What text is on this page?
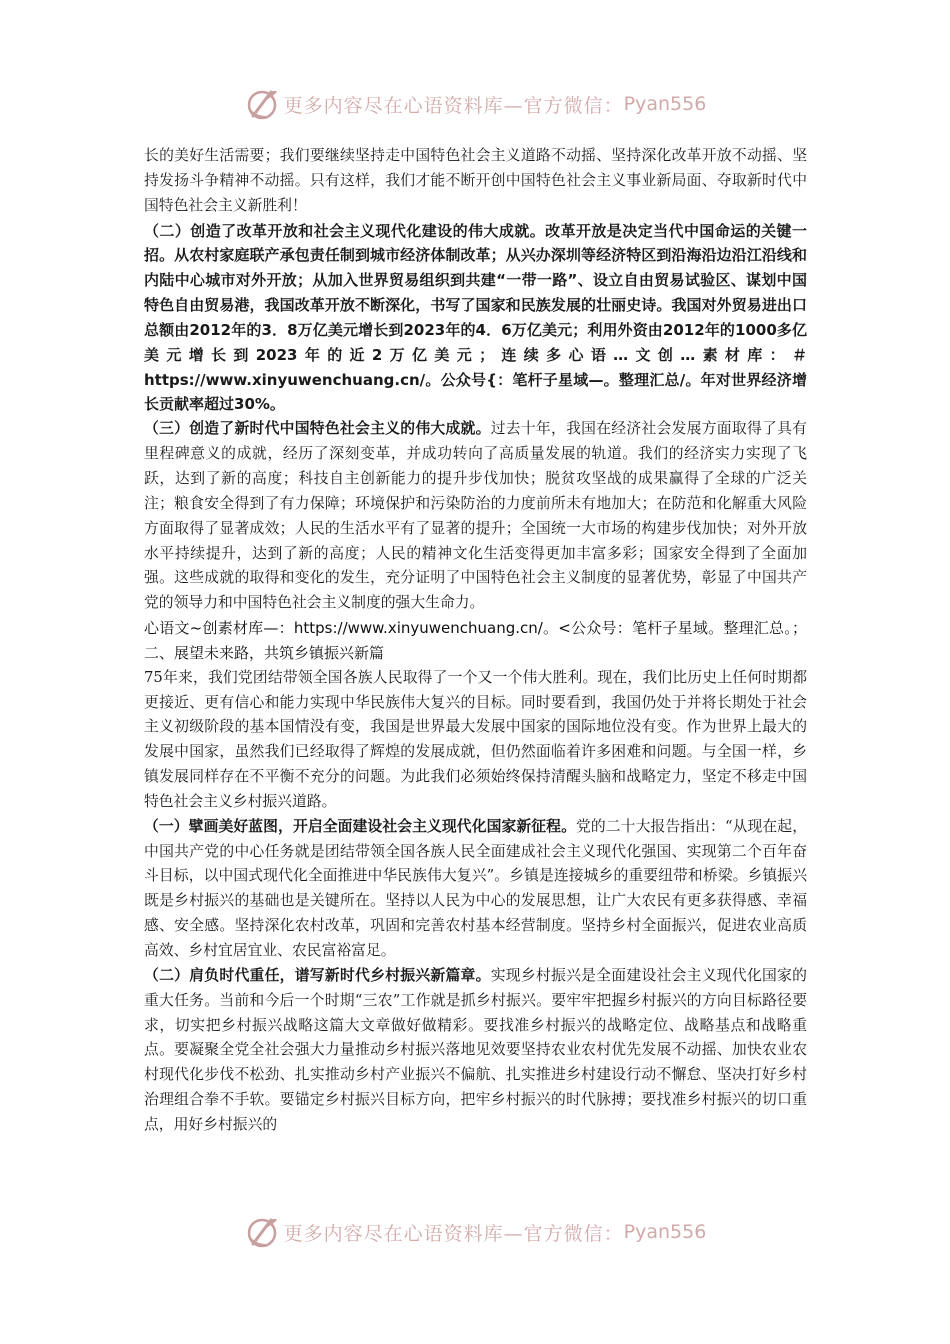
更多内容尽在心语资料库—官方微信： Pyan556

长的美好生活需要；我们要继续坚持走中国特色社会主义道路不动摇、坚持深化改革开放不动摇、坚持发扬斗争精神不动摇。只有这样，我们才能不断开创中国特色社会主义事业新局面、夺取新时代中国特色社会主义新胜利！

（二）创造了改革开放和社会主义现代化建设的伟大成就。改革开放是决定当代中国命运的关键一招。从农村家庭联产承包责任制到城市经济体制改革；从兴办深圳等经济特区到沿海沿边沿江沿线和内陆中心城市对外开放；从加入世界贸易组织到共建“一带一路”、设立自由贸易试验区、谋划中国特色自由贸易港，我国改革开放不断深化，书写了国家和民族发展的壮丽史诗。我国对外贸易进出口总额由2012年的3．8万亿美元增长到2023年的4．6万亿美元；利用外资由2012年的1000多亿美元增长到2023年的近2万亿美元；连续多心语…文创…素材库：＃https://www.xinyuwenchuang.cn/。公众号{：笔杆子星域—。整理汇总/。年对世界经济增长贡献率超过30%。

（三）创造了新时代中国特色社会主义的伟大成就。过去十年，我国在经济社会发展方面取得了具有里程碑意义的成就，经历了深刻变革，并成功转向了高质量发展的轨道。我们的经济实力实现了飞跃，达到了新的高度；科技自主创新能力的提升步伐加快；脱贫攻坚战的成果赢得了全球的广泛关注；粮食安全得到了有力保障；环境保护和污染防治的力度前所未有地加大；在防范和化解重大风险方面取得了显著成效；人民的生活水平有了显著的提升；全国统一大市场的构建步伐加快；对外开放水平持续提升，达到了新的高度；人民的精神文化生活变得更加丰富多彩；国家安全得到了全面加强。这些成就的取得和变化的发生，充分证明了中国特色社会主义制度的显著优势，彰显了中国共产党的领导力和中国特色社会主义制度的强大生命力。

心语文~创素材库—：https://www.xinyuwenchuang.cn/。<公众号：笔杆子星域。整理汇总。；二、展望未来路，共筑乡镇振兴新篇

75年来，我们党团结带领全国各族人民取得了一个又一个伟大胜利。现在，我们比历史上任何时期都更接近、更有信心和能力实现中华民族伟大复兴的目标。同时要看到，我国仍处于并将长期处于社会主义初级阶段的基本国情没有变，我国是世界最大发展中国家的国际地位没有变。作为世界上最大的发展中国家，虽然我们已经取得了辉煌的发展成就，但仍然面临着许多困难和问题。与全国一样，乡镇发展同样存在不平衡不充分的问题。为此我们必须始终保持清醒头脑和战略定力，坚定不移走中国特色社会主义乡村振兴道路。

（一）擘画美好蓝图，开启全面建设社会主义现代化国家新征程。党的二十大报告指出：“从现在起，中国共产党的中心任务就是团结带领全国各族人民全面建成社会主义现代化强国、实现第二个百年奋斗目标，以中国式现代化全面推进中华民族伟大复兴”。乡镇是连接城乡的重要纽带和桥梁。乡镇振兴既是乡村振兴的基础也是关键所在。坚持以人民为中心的发展思想，让广大农民有更多获得感、幸福感、安全感。坚持深化农村改革，巩固和完善农村基本经营制度。坚持乡村全面振兴，促进农业高质高效、乡村宜居宜业、农民富裕富足。

（二）肩负时代重任，谱写新时代乡村振兴新篇章。实现乡村振兴是全面建设社会主义现代化国家的重大任务。当前和今后一个时期“三农”工作就是抓乡村振兴。要牢牢把握乡村振兴的方向目标路径要求，切实把乡村振兴战略这篇大文章做好做精彩。要找准乡村振兴的战略定位、战略基点和战略重点。要凝聚全党全社会强大力量推动乡村振兴落地见效要坚持农业农村优先发展不动摇、加快农业农村现代化步伐不松劲、扎实推动乡村产业振兴不偏航、扎实推进乡村建设行动不懈怠、坚决打好乡村治理组合拳不手软。要锚定乡村振兴目标方向，把牢乡村振兴的时代脉搏；要找准乡村振兴的切口重点，用好乡村振兴的

更多内容尽在心语资料库—官方微信： Pyan556
